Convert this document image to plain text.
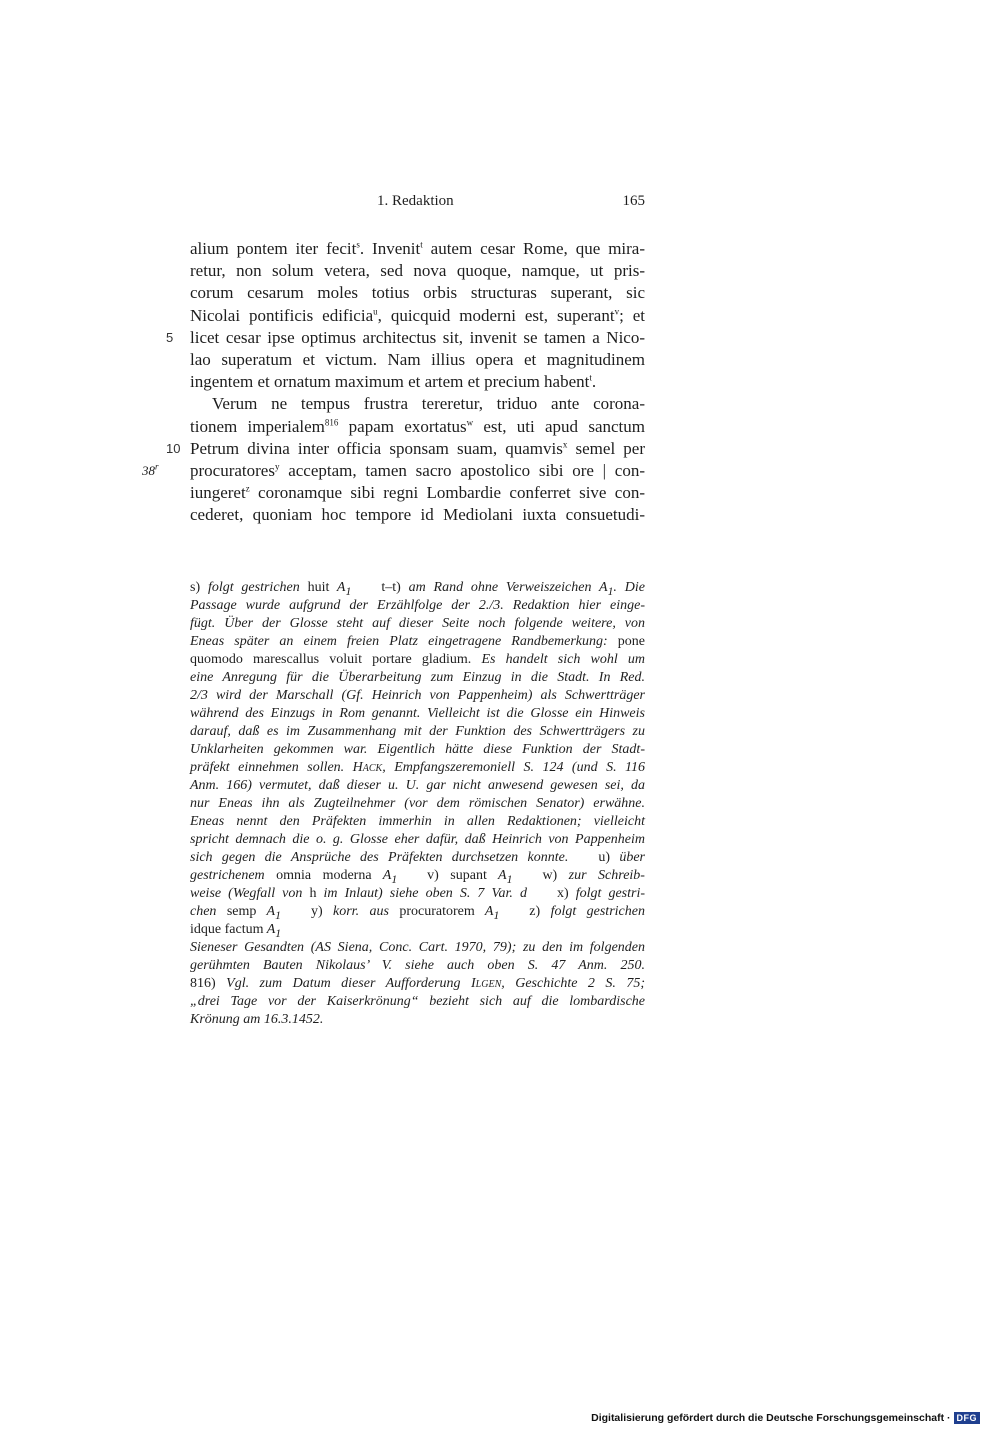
1. Redaktion	165
alium pontem iter fecit$^s$. Invenit$^t$ autem cesar Rome, que mira-
retur, non solum vetera, sed nova quoque, namque, ut pris-
corum cesarum moles totius orbis structuras superant, sic
Nicolai pontificis edificia$^u$, quicquid moderni est, superant$^v$; et
5 licet cesar ipse optimus architectus sit, invenit se tamen a Nico-
lao superatum et victum. Nam illius opera et magnitudinem
ingentem et ornatum maximum et artem et precium habent$^t$.
Verum ne tempus frustra tereretur, triduo ante corona-
tionem imperialem$^{816}$ papam exortatus$^w$ est, uti apud sanctum
10 Petrum divina inter officia sponsam suam, quamvis$^x$ semel per
38$^r$ procuratores$^y$ acceptam, tamen sacro apostolico sibi ore | con-
iungeret$^z$ coronamque sibi regni Lombardie conferret sive con-
cederet, quoniam hoc tempore id Mediolani iuxta consuetudi-
s) folgt gestrichen huit $A_1$ t–t) am Rand ohne Verweiszeichen $A_1$. Die
Passage wurde aufgrund der Erzählfolge der 2./3. Redaktion hier einge-
fügt. Über der Glosse steht auf dieser Seite noch folgende weitere, von
Eneas später an einem freien Platz eingetragene Randbemerkung: pone
quomodo marescallus voluit portare gladium. Es handelt sich wohl um
eine Anregung für die Überarbeitung zum Einzug in die Stadt. In Red.
2/3 wird der Marschall (Gf. Heinrich von Pappenheim) als Schwertträger
während des Einzugs in Rom genannt. Vielleicht ist die Glosse ein Hinweis
darauf, daß es im Zusammenhang mit der Funktion des Schwertträgers zu
Unklarheiten gekommen war. Eigentlich hätte diese Funktion der Stadt-
präfekt einnehmen sollen. Hack, Empfangszeremoniell S. 124 (und S. 116
Anm. 166) vermutet, daß dieser u. U. gar nicht anwesend gewesen sei, da
nur Eneas ihn als Zugteilnehmer (vor dem römischen Senator) erwähne.
Eneas nennt den Präfekten immerhin in allen Redaktionen; vielleicht
spricht demnach die o. g. Glosse eher dafür, daß Heinrich von Pappenheim
sich gegen die Ansprüche des Präfekten durchsetzen konnte. u) über
gestrichenem omnia moderna $A_1$ v) supant $A_1$ w) zur Schreib-
weise (Wegfall von h im Inlaut) siehe oben S. 7 Var. d x) folgt gestri-
chen semp $A_1$ y) korr. aus procuratorem $A_1$ z) folgt gestrichen
idque factum $A_1$
Sieneser Gesandten (AS Siena, Conc. Cart. 1970, 79); zu den im folgenden
gerühmten Bauten Nikolaus’ V. siehe auch oben S. 47 Anm. 250.
816) Vgl. zum Datum dieser Aufforderung Ilgen, Geschichte 2 S. 75;
„drei Tage vor der Kaiserkrönung“ bezieht sich auf die lombardische
Krönung am 16.3.1452.
Digitalisierung gefördert durch die Deutsche Forschungsgemeinschaft · DFG
